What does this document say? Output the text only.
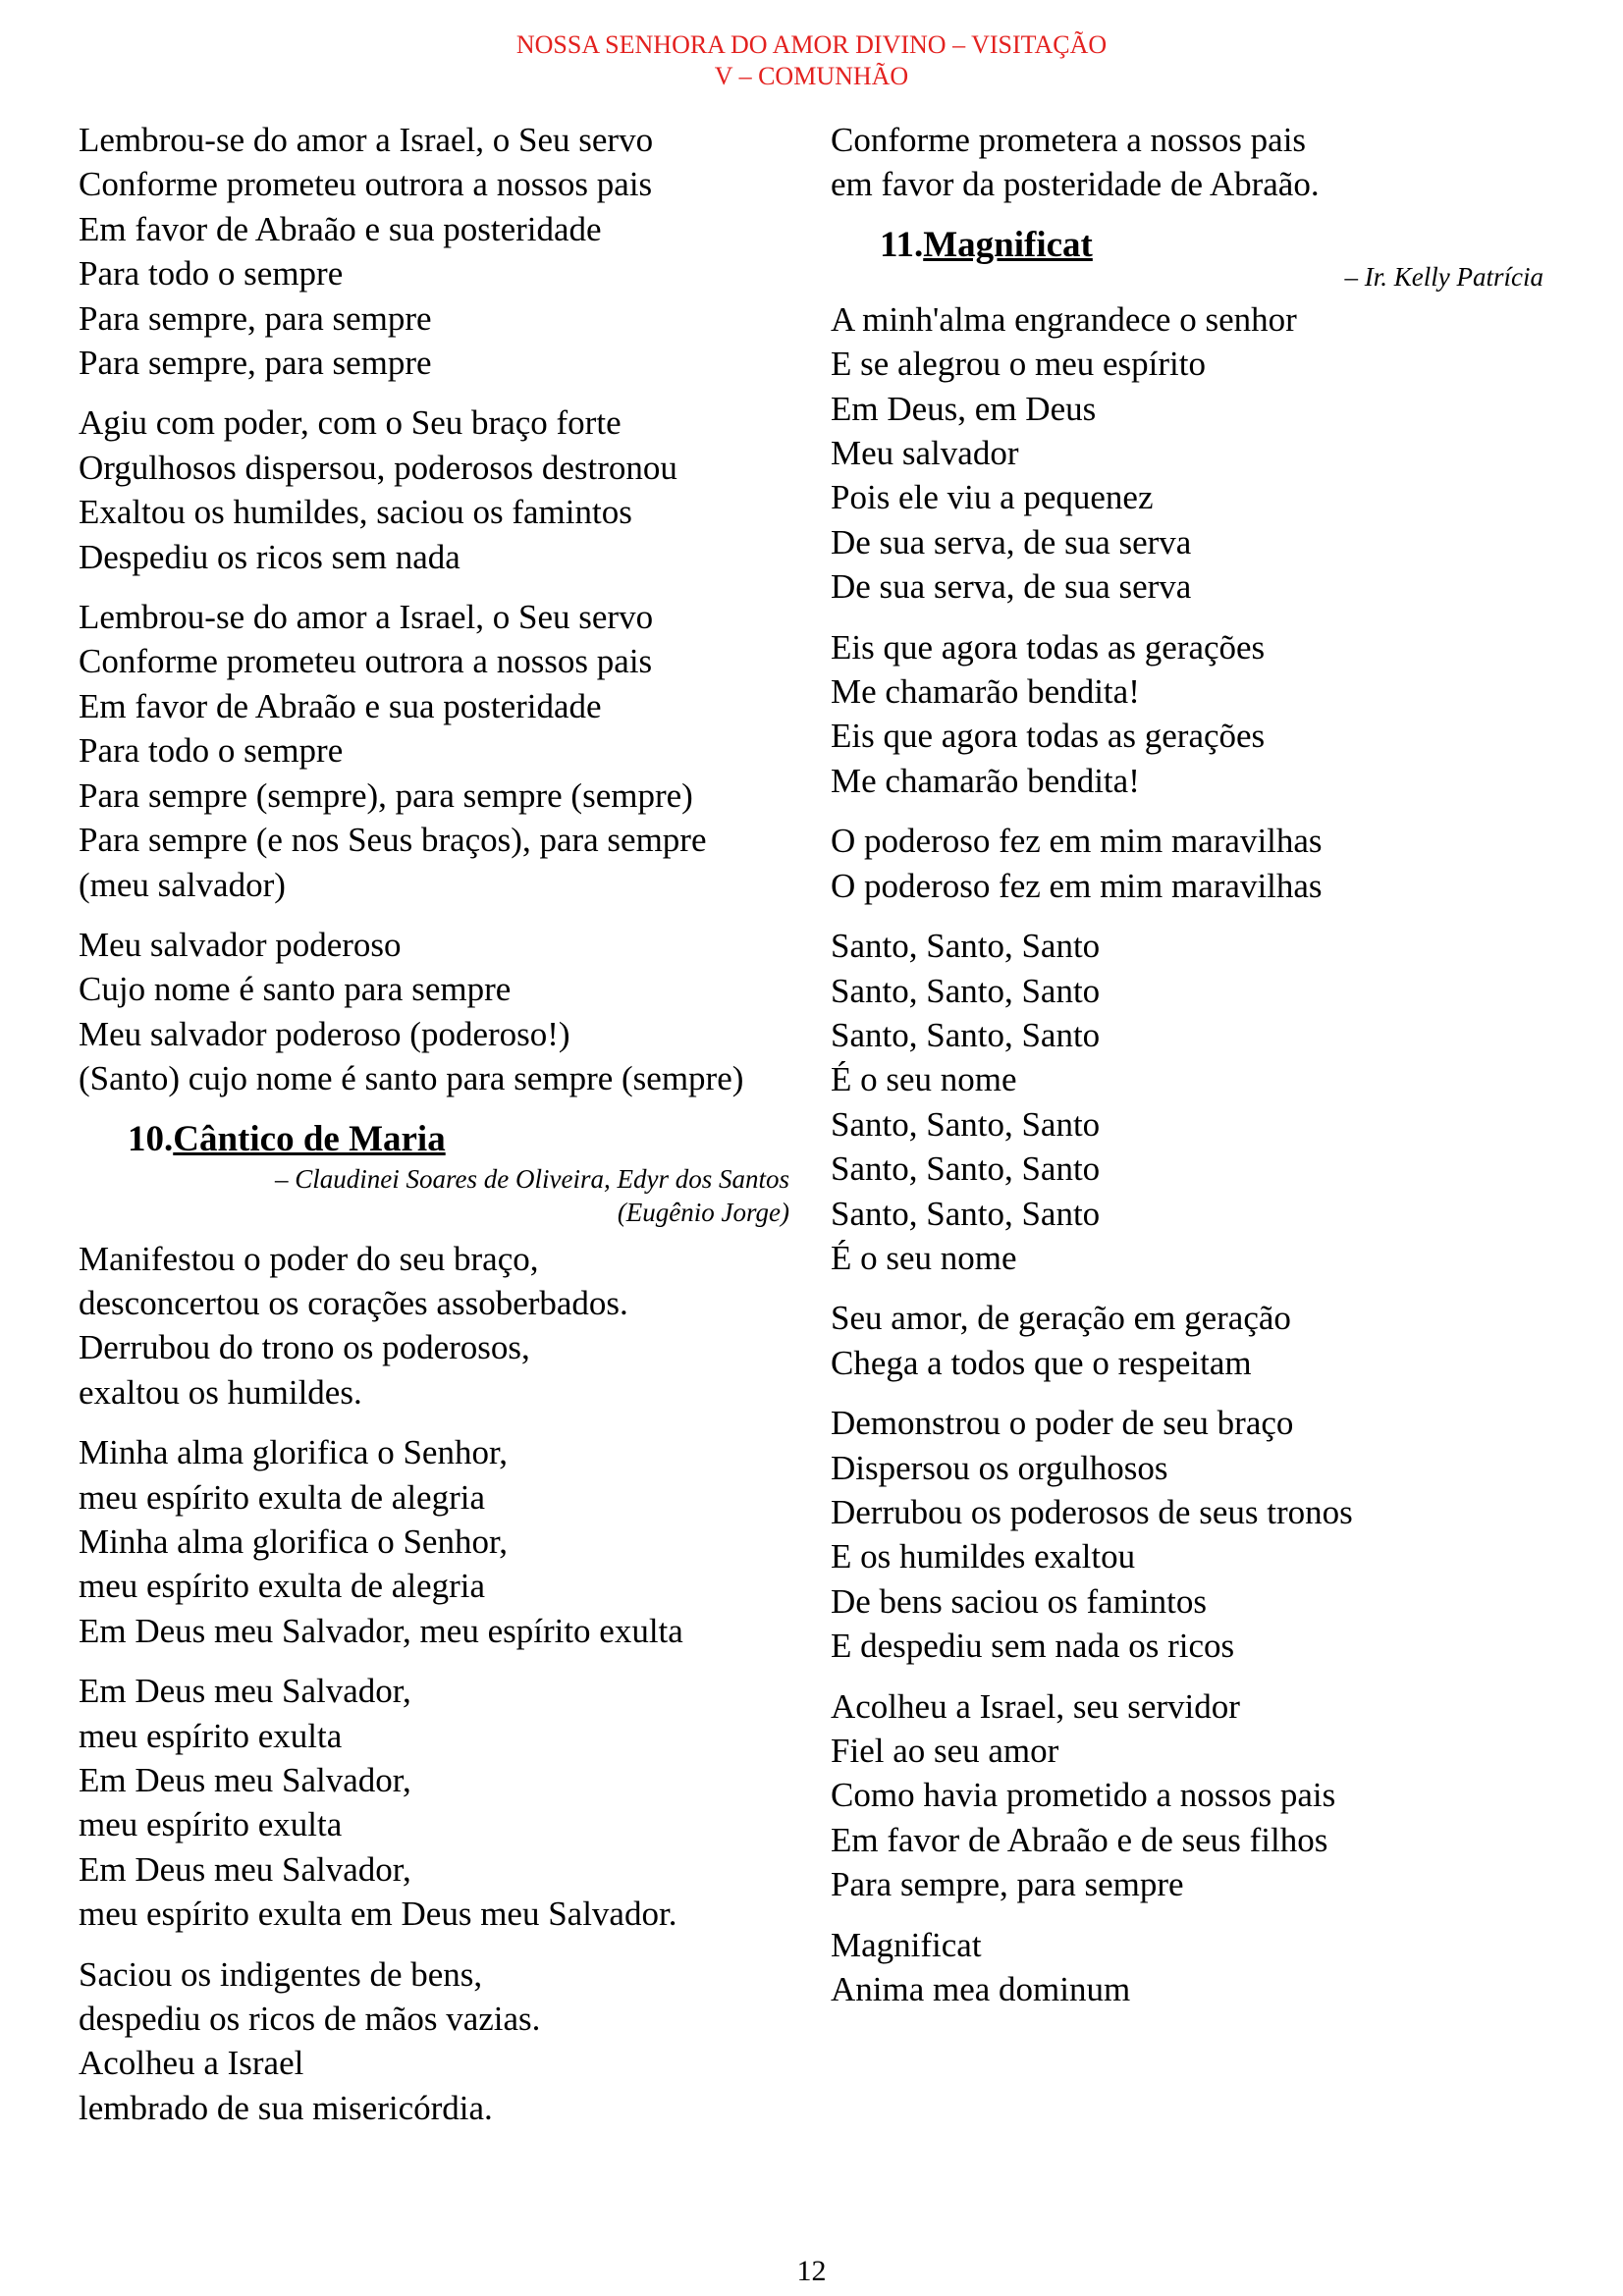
NOSSA SENHORA DO AMOR DIVINO – VISITAÇÃO
V – COMUNHÃO
Lembrou-se do amor a Israel, o Seu servo
Conforme prometeu outrora a nossos pais
Em favor de Abraão e sua posteridade
Para todo o sempre
Para sempre, para sempre
Para sempre, para sempre
Agiu com poder, com o Seu braço forte
Orgulhosos dispersou, poderosos destronou
Exaltou os humildes, saciou os famintos
Despediu os ricos sem nada
Lembrou-se do amor a Israel, o Seu servo
Conforme prometeu outrora a nossos pais
Em favor de Abraão e sua posteridade
Para todo o sempre
Para sempre (sempre), para sempre (sempre)
Para sempre (e nos Seus braços), para sempre
(meu salvador)
Meu salvador poderoso
Cujo nome é santo para sempre
Meu salvador poderoso (poderoso!)
(Santo) cujo nome é santo para sempre (sempre)
10.Cântico de Maria
– Claudinei Soares de Oliveira, Edyr dos Santos
(Eugênio Jorge)
Manifestou o poder do seu braço,
desconcertou os corações assoberbados.
Derrubou do trono os poderosos,
exaltou os humildes.
Minha alma glorifica o Senhor,
meu espírito exulta de alegria
Minha alma glorifica o Senhor,
meu espírito exulta de alegria
Em Deus meu Salvador, meu espírito exulta
Em Deus meu Salvador,
meu espírito exulta
Em Deus meu Salvador,
meu espírito exulta
Em Deus meu Salvador,
meu espírito exulta em Deus meu Salvador.
Saciou os indigentes de bens,
despediu os ricos de mãos vazias.
Acolheu a Israel
lembrado de sua misericórdia.
Conforme prometera a nossos pais
em favor da posteridade de Abraão.
11.Magnificat
– Ir. Kelly Patrícia
A minh'alma engrandece o senhor
E se alegrou o meu espírito
Em Deus, em Deus
Meu salvador
Pois ele viu a pequenez
De sua serva, de sua serva
De sua serva, de sua serva
Eis que agora todas as gerações
Me chamarão bendita!
Eis que agora todas as gerações
Me chamarão bendita!
O poderoso fez em mim maravilhas
O poderoso fez em mim maravilhas
Santo, Santo, Santo
Santo, Santo, Santo
Santo, Santo, Santo
É o seu nome
Santo, Santo, Santo
Santo, Santo, Santo
Santo, Santo, Santo
É o seu nome
Seu amor, de geração em geração
Chega a todos que o respeitam
Demonstrou o poder de seu braço
Dispersou os orgulhosos
Derrubou os poderosos de seus tronos
E os humildes exaltou
De bens saciou os famintos
E despediu sem nada os ricos
Acolheu a Israel, seu servidor
Fiel ao seu amor
Como havia prometido a nossos pais
Em favor de Abraão e de seus filhos
Para sempre, para sempre
Magnificat
Anima mea dominum
12
